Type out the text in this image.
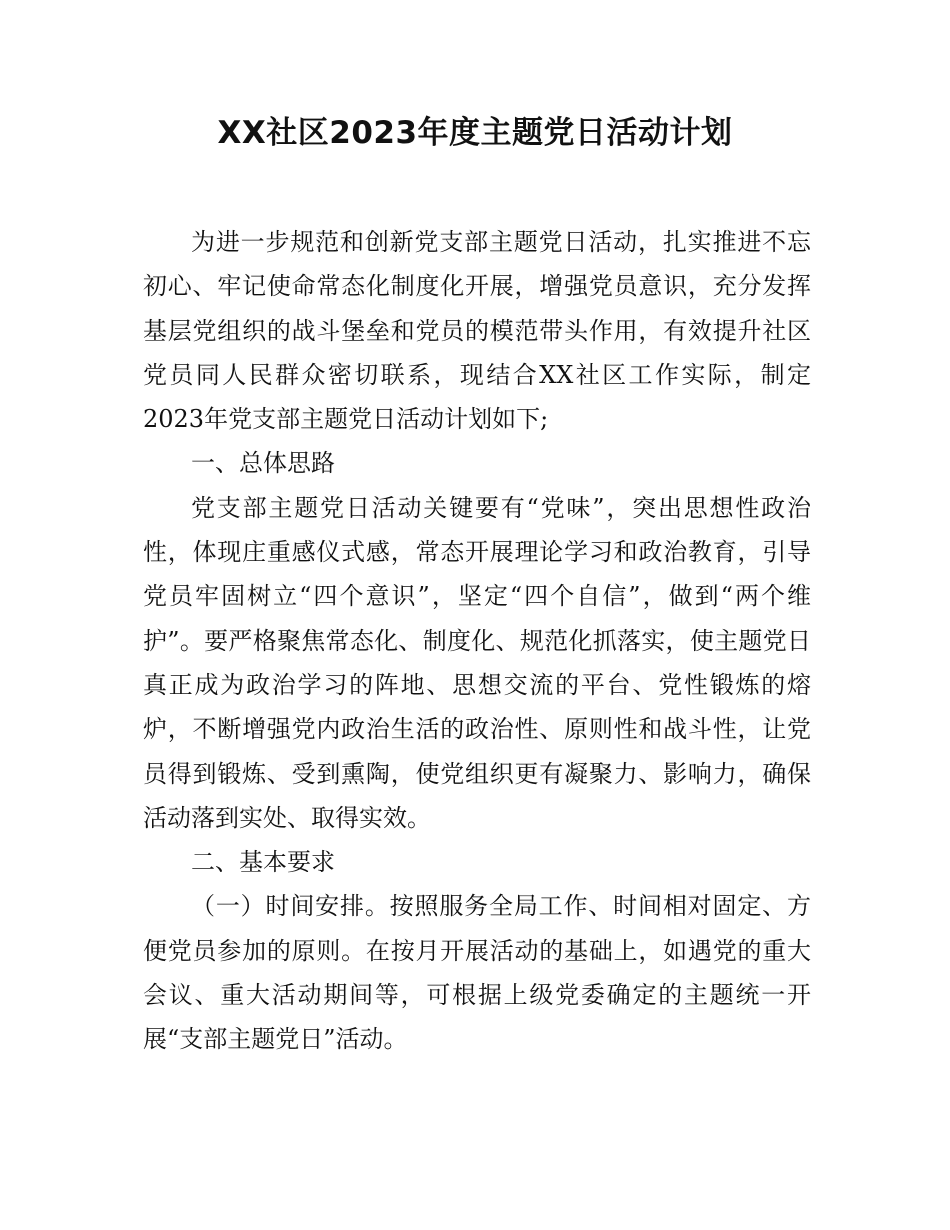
XX社区2023年度主题党日活动计划

为进一步规范和创新党支部主题党日活动，扎实推进不忘初心、牢记使命常态化制度化开展，增强党员意识，充分发挥基层党组织的战斗堡垒和党员的模范带头作用，有效提升社区党员同人民群众密切联系，现结合XX社区工作实际，制定2023年党支部主题党日活动计划如下;

一、总体思路

党支部主题党日活动关键要有“党味”，突出思想性政治性，体现庄重感仪式感，常态开展理论学习和政治教育，引导党员牢固树立“四个意识”，坚定“四个自信”，做到“两个维护”。要严格聚焦常态化、制度化、规范化抓落实，使主题党日真正成为政治学习的阵地、思想交流的平台、党性锻炼的熔炉，不断增强党内政治生活的政治性、原则性和战斗性，让党员得到锻炼、受到熏陶，使党组织更有凝聚力、影响力，确保活动落到实处、取得实效。

二、基本要求

（一）时间安排。按照服务全局工作、时间相对固定、方便党员参加的原则。在按月开展活动的基础上，如遇党的重大会议、重大活动期间等，可根据上级党委确定的主题统一开展“支部主题党日”活动。
